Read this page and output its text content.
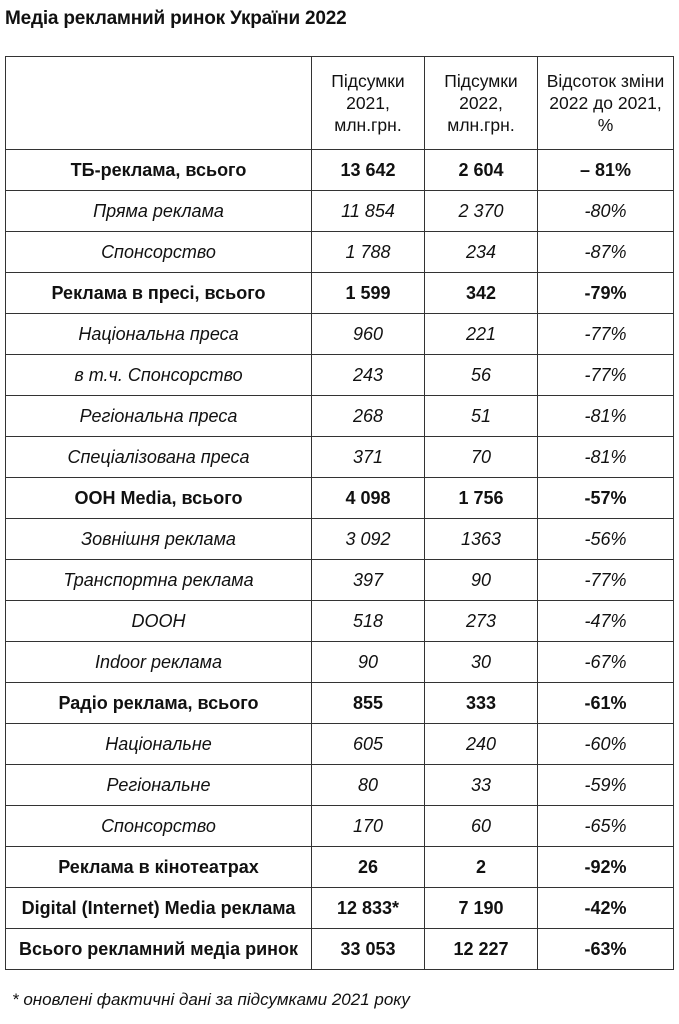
Медіа рекламний ринок України 2022
	Підсумки 2021, млн.грн.	Підсумки 2022, млн.грн.	Відсоток зміни 2022 до 2021, %
ТБ-реклама, всього	13 642	2 604	– 81%
Пряма реклама	11 854	2 370	-80%
Спонсорство	1 788	234	-87%
Реклама в пресі, всього	1 599	342	-79%
Національна преса	960	221	-77%
в т.ч. Спонсорство	243	56	-77%
Регіональна преса	268	51	-81%
Спеціалізована преса	371	70	-81%
OOH Media, всього	4 098	1 756	-57%
Зовнішня реклама	3 092	1363	-56%
Транспортна реклама	397	90	-77%
DOOH	518	273	-47%
Indoor реклама	90	30	-67%
Радіо реклама, всього	855	333	-61%
Національне	605	240	-60%
Регіональне	80	33	-59%
Спонсорство	170	60	-65%
Реклама в кінотеатрах	26	2	-92%
Digital (Internet) Media реклама	12 833*	7 190	-42%
Всього рекламний медіа ринок	33 053	12 227	-63%
* оновлені фактичні дані за підсумками 2021 року
